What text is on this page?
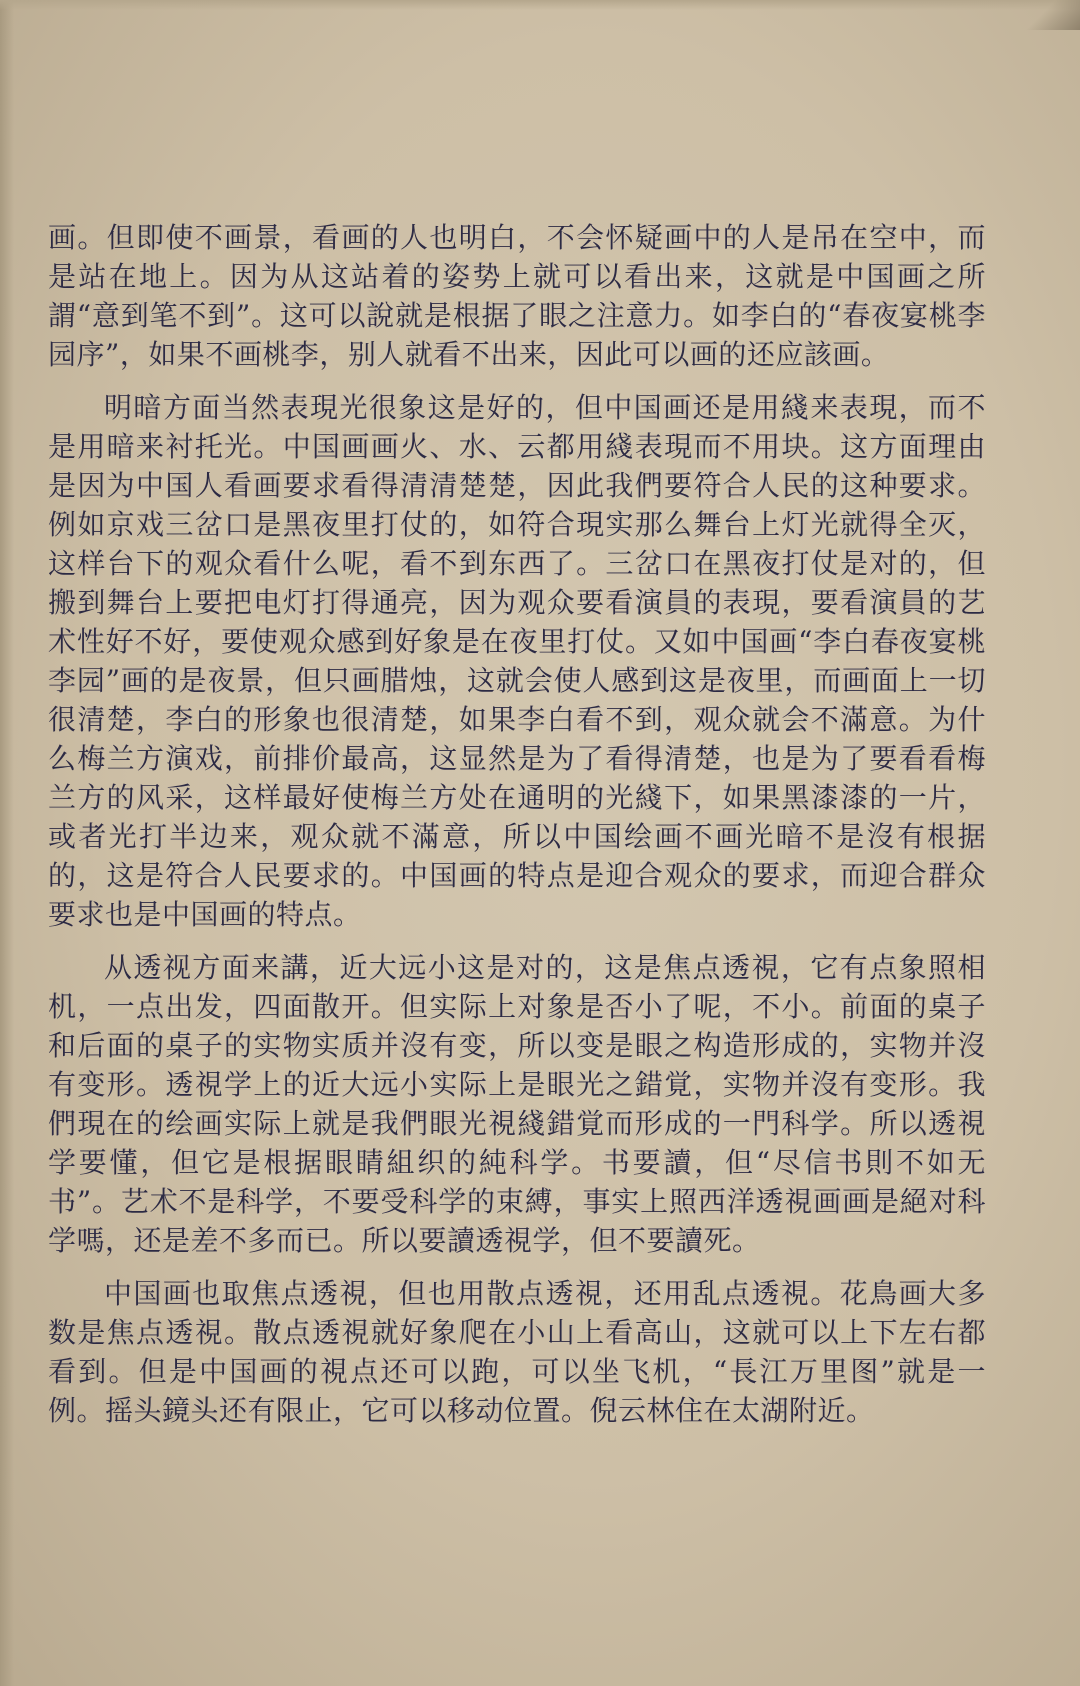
画。但即使不画景，看画的人也明白，不会怀疑画中的人是吊在空中，而是站在地上。因为从这站着的姿势上就可以看出来，这就是中国画之所謂“意到笔不到”。这可以說就是根据了眼之注意力。如李白的“春夜宴桃李园序”，如果不画桃李，别人就看不出来，因此可以画的还应該画。

明暗方面当然表現光很象这是好的，但中国画还是用綫来表現，而不是用暗来衬托光。中国画画火、水、云都用綫表現而不用块。这方面理由是因为中国人看画要求看得清清楚楚，因此我們要符合人民的这种要求。例如京戏三岔口是黑夜里打仗的，如符合現实那么舞台上灯光就得全灭，这样台下的观众看什么呢，看不到东西了。三岔口在黑夜打仗是对的，但搬到舞台上要把电灯打得通亮，因为观众要看演員的表現，要看演員的艺术性好不好，要使观众感到好象是在夜里打仗。又如中国画“李白春夜宴桃李园”画的是夜景，但只画腊烛，这就会使人感到这是夜里，而画面上一切很清楚，李白的形象也很清楚，如果李白看不到，观众就会不滿意。为什么梅兰方演戏，前排价最高，这显然是为了看得清楚，也是为了要看看梅兰方的风采，这样最好使梅兰方处在通明的光綫下，如果黑漆漆的一片，或者光打半边来，观众就不滿意，所以中国绘画不画光暗不是沒有根据的，这是符合人民要求的。中国画的特点是迎合观众的要求，而迎合群众要求也是中国画的特点。

从透视方面来講，近大远小这是对的，这是焦点透視，它有点象照相机，一点出发，四面散开。但实际上对象是否小了呢，不小。前面的桌子和后面的桌子的实物实质并沒有变，所以变是眼之构造形成的，实物并沒有变形。透視学上的近大远小实际上是眼光之錯覚，实物并沒有变形。我們現在的绘画实际上就是我們眼光視綫錯覚而形成的一門科学。所以透視学要懂，但它是根据眼睛組织的純科学。书要讀，但“尽信书則不如无书”。艺术不是科学，不要受科学的束縛，事实上照西洋透視画画是絕对科学嗎，还是差不多而已。所以要讀透視学，但不要讀死。

中国画也取焦点透視，但也用散点透視，还用乱点透視。花鳥画大多数是焦点透視。散点透視就好象爬在小山上看高山，这就可以上下左右都看到。但是中国画的視点还可以跑，可以坐飞机，“長江万里图”就是一例。摇头鏡头还有限止，它可以移动位置。倪云林住在太湖附近。
